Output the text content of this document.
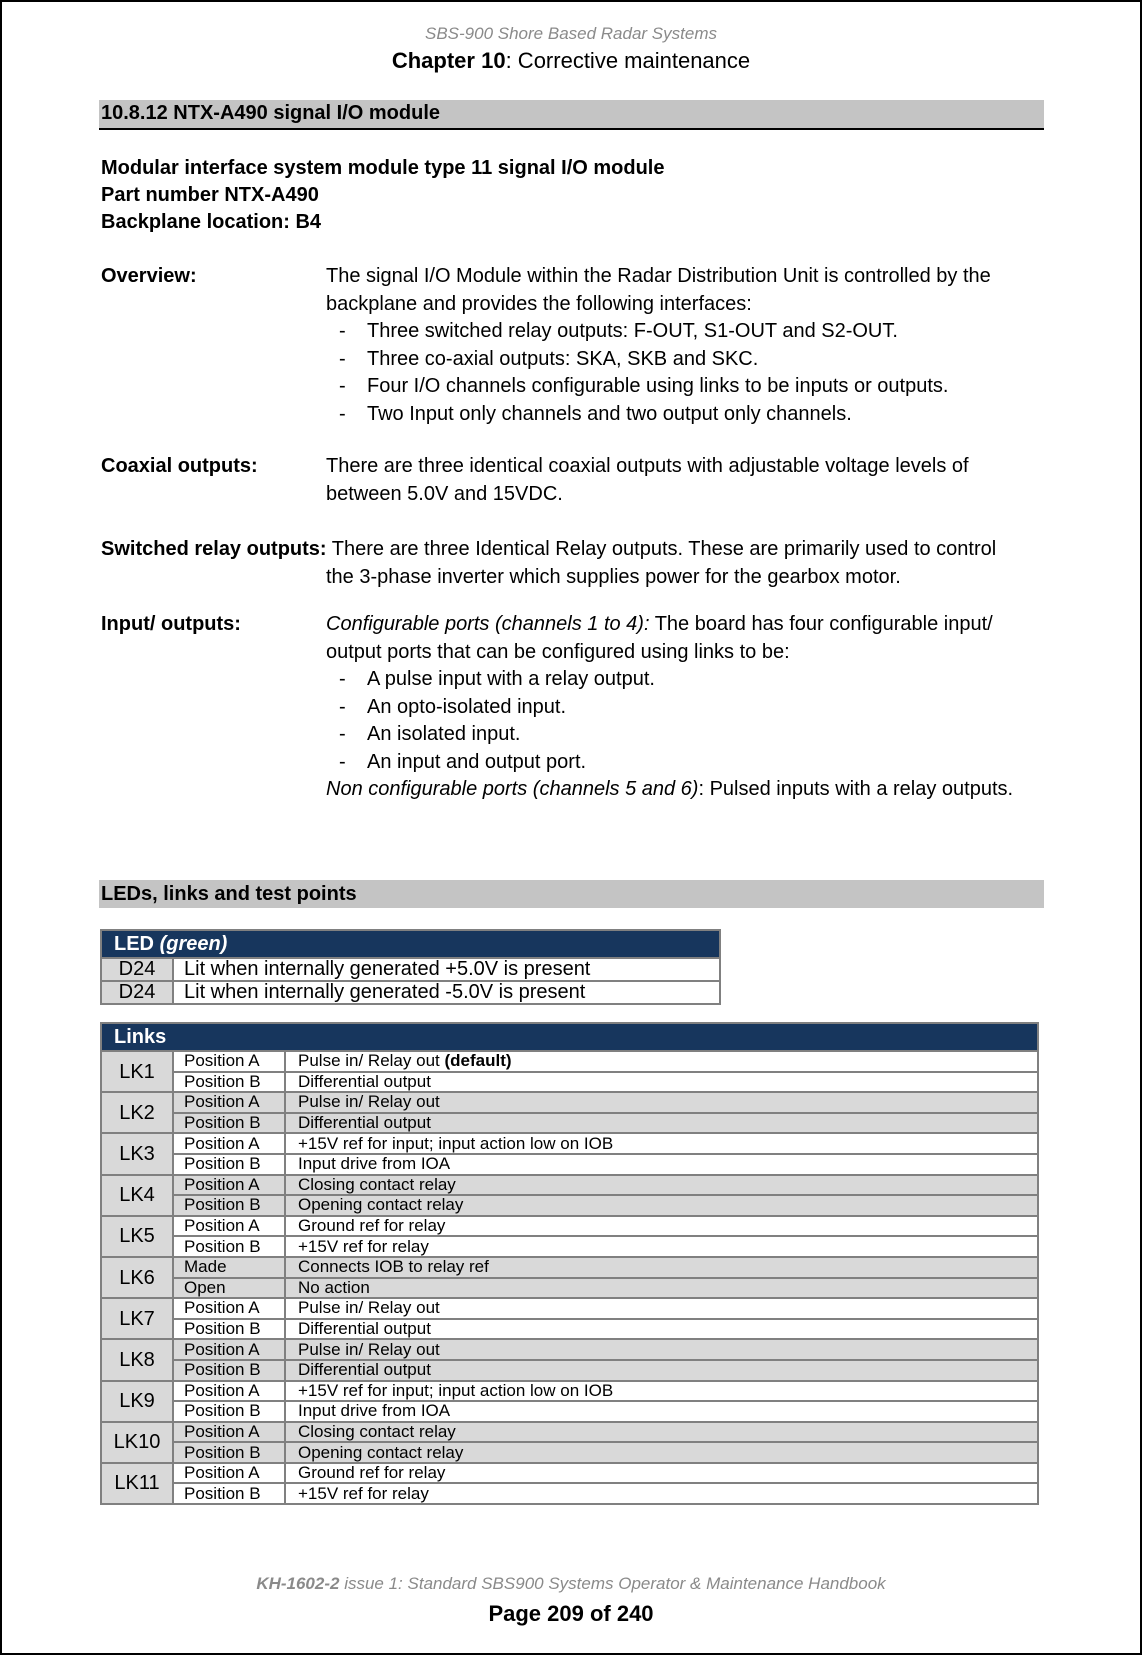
SBS-900 Shore Based Radar Systems
Chapter 10: Corrective maintenance
10.8.12 NTX-A490 signal I/O module
Modular interface system module type 11 signal I/O module
Part number NTX-A490
Backplane location: B4
Overview:	The signal I/O Module within the Radar Distribution Unit is controlled by the backplane and provides the following interfaces:

- Three switched relay outputs: F-OUT, S1-OUT and S2-OUT.
- Three co-axial outputs: SKA, SKB and SKC.
- Four I/O channels configurable using links to be inputs or outputs.
- Two Input only channels and two output only channels.
Coaxial outputs:	There are three identical coaxial outputs with adjustable voltage levels of between 5.0V and 15VDC.

Switched relay outputs: There are three Identical Relay outputs. These are primarily used to control
the 3-phase inverter which supplies power for the gearbox motor.
Input/ outputs:	Configurable ports (channels 1 to 4): The board has four configurable input/ output ports that can be configured using links to be:

- A pulse input with a relay output.
- An opto-isolated input.
- An isolated input.
- An input and output port.

Non configurable ports (channels 5 and 6): Pulsed inputs with a relay outputs.

LEDs, links and test points
LED (green)	
D24	Lit when internally generated +5.0V is present
D24	Lit when internally generated -5.0V is present
Links		
LK1	Position A	Pulse in/ Relay out (default)
	Position B	Differential output
LK2	Position A	Pulse in/ Relay out
	Position B	Differential output
LK3	Position A	+15V ref for input; input action low on IOB
	Position B	Input drive from IOA
LK4	Position A	Closing contact relay
	Position B	Opening contact relay
LK5	Position A	Ground ref for relay
	Position B	+15V ref for relay
LK6	Made	Connects IOB to relay ref
	Open	No action
LK7	Position A	Pulse in/ Relay out
	Position B	Differential output
LK8	Position A	Pulse in/ Relay out
	Position B	Differential output
LK9	Position A	+15V ref for input; input action low on IOB
	Position B	Input drive from IOA
LK10	Position A	Closing contact relay
	Position B	Opening contact relay
LK11	Position A	Ground ref for relay
	Position B	+15V ref for relay
KH-1602-2 issue 1: Standard SBS900 Systems Operator & Maintenance Handbook
Page 209 of 240
